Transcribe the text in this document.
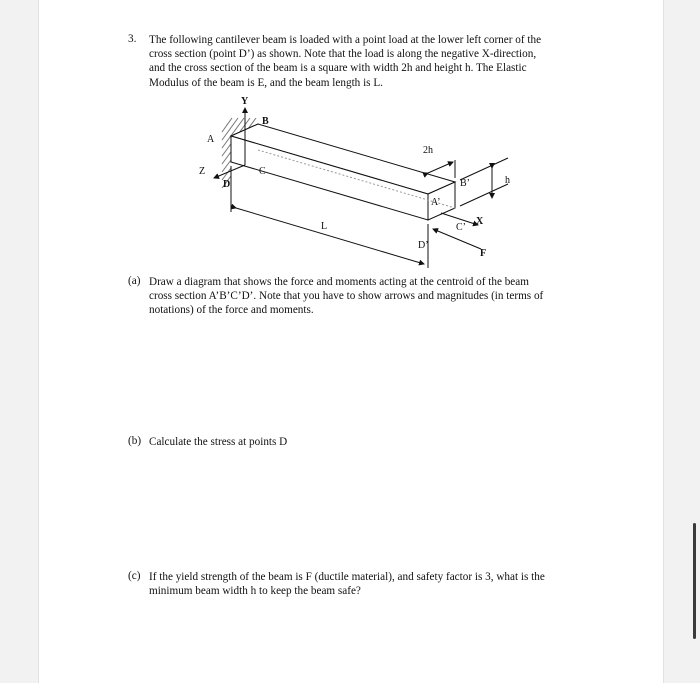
3. The following cantilever beam is loaded with a point load at the lower left corner of the
cross section (point D’) as shown. Note that the load is along the negative X-direction,
and the cross section of the beam is a square with width 2h and height h. The Elastic
Modulus of the beam is E, and the beam length is L.
Y
A
B
Z	C
D
2h
B’	h
A’
X
C’
L
D’
F
(a) Draw a diagram that shows the force and moments acting at the centroid of the beam
cross section A’B’C’D’. Note that you have to show arrows and magnitudes (in terms of
notations) of the force and moments.
(b) Calculate the stress at points D
(c) If the yield strength of the beam is F (ductile material), and safety factor is 3, what is the
minimum beam width h to keep the beam safe?
